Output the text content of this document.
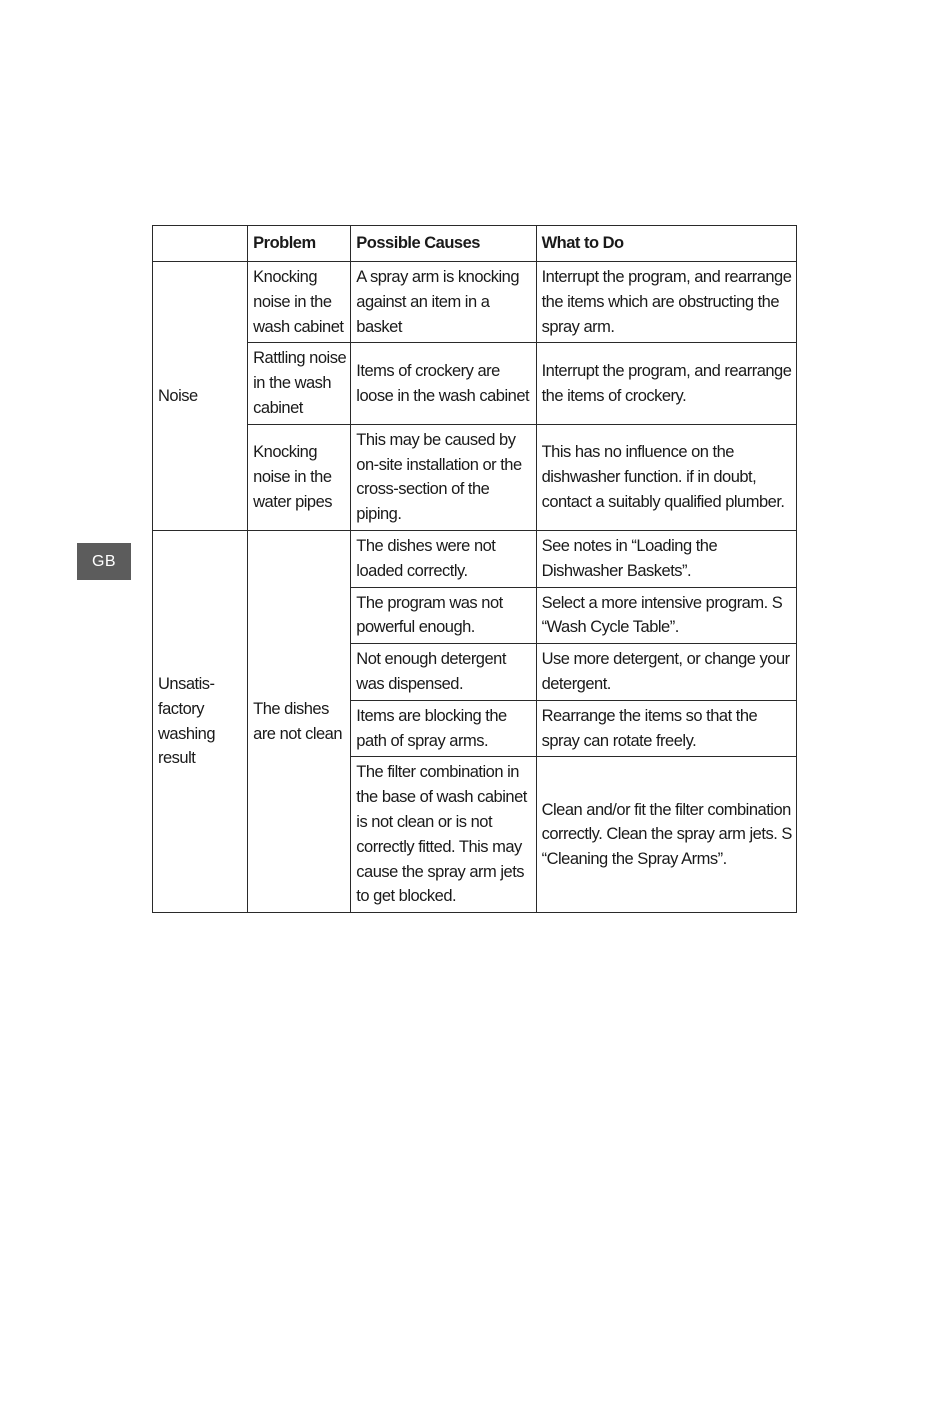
GB
	Problem	Possible Causes	What to Do
Noise	Knocking noise in the wash cabinet	A spray arm is knocking against an item in a basket	Interrupt the program, and rearrange the items which are obstructing the spray arm.
	Rattling noise in the wash cabinet	Items of crockery are loose in the wash cabinet	Interrupt the program, and rearrange the items of crockery.
	Knocking noise in the water pipes	This may be caused by on-site installation or the cross-section of the piping.	This has no influence on the dishwasher function. if in doubt, contact a suitably qualified plumber.
Unsatis-factory washing result	The dishes are not clean	The dishes were not loaded correctly.	See notes in “Loading the Dishwasher Baskets”.
		The program was not powerful enough.	Select a more intensive program. S “Wash Cycle Table”.
		Not enough detergent was dispensed.	Use more detergent, or change your detergent.
		Items are blocking the path of spray arms.	Rearrange the items so that the spray can rotate freely.
		The filter combination in the base of wash cabinet is not clean or is not correctly fitted. This may cause the spray arm jets to get blocked.	Clean and/or fit the filter combination correctly. Clean the spray arm jets. S “Cleaning the Spray Arms”.
